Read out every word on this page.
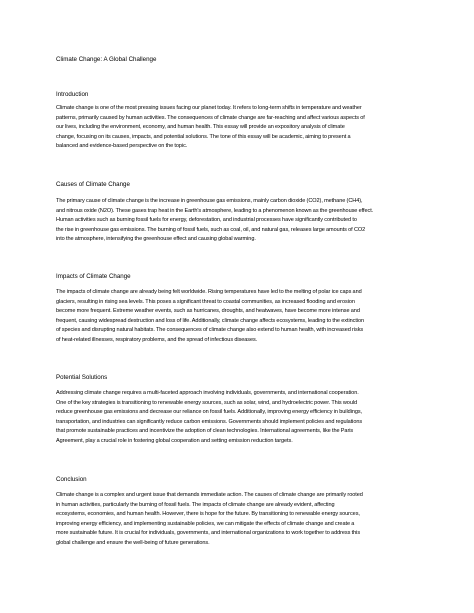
Climate Change: A Global Challenge
Introduction
Climate change is one of the most pressing issues facing our planet today. It refers to long-term shifts in temperature and weather
patterns, primarily caused by human activities. The consequences of climate change are far-reaching and affect various aspects of
our lives, including the environment, economy, and human health. This essay will provide an expository analysis of climate
change, focusing on its causes, impacts, and potential solutions. The tone of this essay will be academic, aiming to present a
balanced and evidence-based perspective on the topic.
Causes of Climate Change
The primary cause of climate change is the increase in greenhouse gas emissions, mainly carbon dioxide (CO2), methane (CH4),
and nitrous oxide (N2O). These gases trap heat in the Earth's atmosphere, leading to a phenomenon known as the greenhouse effect.
Human activities such as burning fossil fuels for energy, deforestation, and industrial processes have significantly contributed to
the rise in greenhouse gas emissions. The burning of fossil fuels, such as coal, oil, and natural gas, releases large amounts of CO2
into the atmosphere, intensifying the greenhouse effect and causing global warming.
Impacts of Climate Change
The impacts of climate change are already being felt worldwide. Rising temperatures have led to the melting of polar ice caps and
glaciers, resulting in rising sea levels. This poses a significant threat to coastal communities, as increased flooding and erosion
become more frequent. Extreme weather events, such as hurricanes, droughts, and heatwaves, have become more intense and
frequent, causing widespread destruction and loss of life. Additionally, climate change affects ecosystems, leading to the extinction
of species and disrupting natural habitats. The consequences of climate change also extend to human health, with increased risks
of heat-related illnesses, respiratory problems, and the spread of infectious diseases.
Potential Solutions
Addressing climate change requires a multi-faceted approach involving individuals, governments, and international cooperation.
One of the key strategies is transitioning to renewable energy sources, such as solar, wind, and hydroelectric power. This would
reduce greenhouse gas emissions and decrease our reliance on fossil fuels. Additionally, improving energy efficiency in buildings,
transportation, and industries can significantly reduce carbon emissions. Governments should implement policies and regulations
that promote sustainable practices and incentivize the adoption of clean technologies. International agreements, like the Paris
Agreement, play a crucial role in fostering global cooperation and setting emission reduction targets.
Conclusion
Climate change is a complex and urgent issue that demands immediate action. The causes of climate change are primarily rooted
in human activities, particularly the burning of fossil fuels. The impacts of climate change are already evident, affecting
ecosystems, economies, and human health. However, there is hope for the future. By transitioning to renewable energy sources,
improving energy efficiency, and implementing sustainable policies, we can mitigate the effects of climate change and create a
more sustainable future. It is crucial for individuals, governments, and international organizations to work together to address this
global challenge and ensure the well-being of future generations.
